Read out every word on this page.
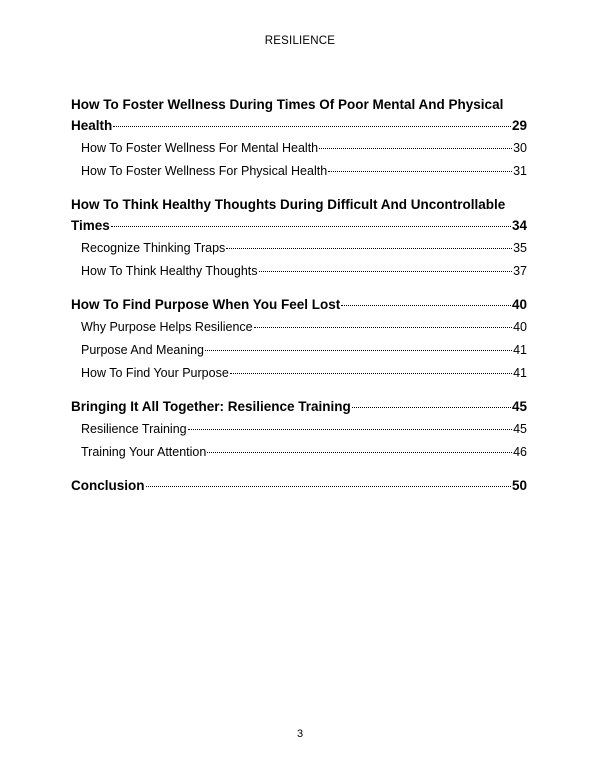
RESILIENCE
How To Foster Wellness During Times Of Poor Mental And Physical
Health	29
How To Foster Wellness For Mental Health	30
How To Foster Wellness For Physical Health	31
How To Think Healthy Thoughts During Difficult And Uncontrollable
Times	34
Recognize Thinking Traps	35
How To Think Healthy Thoughts	37
How To Find Purpose When You Feel Lost	40
Why Purpose Helps Resilience	40
Purpose And Meaning	41
How To Find Your Purpose	41
Bringing It All Together: Resilience Training	45
Resilience Training	45
Training Your Attention	46
Conclusion	50
3
